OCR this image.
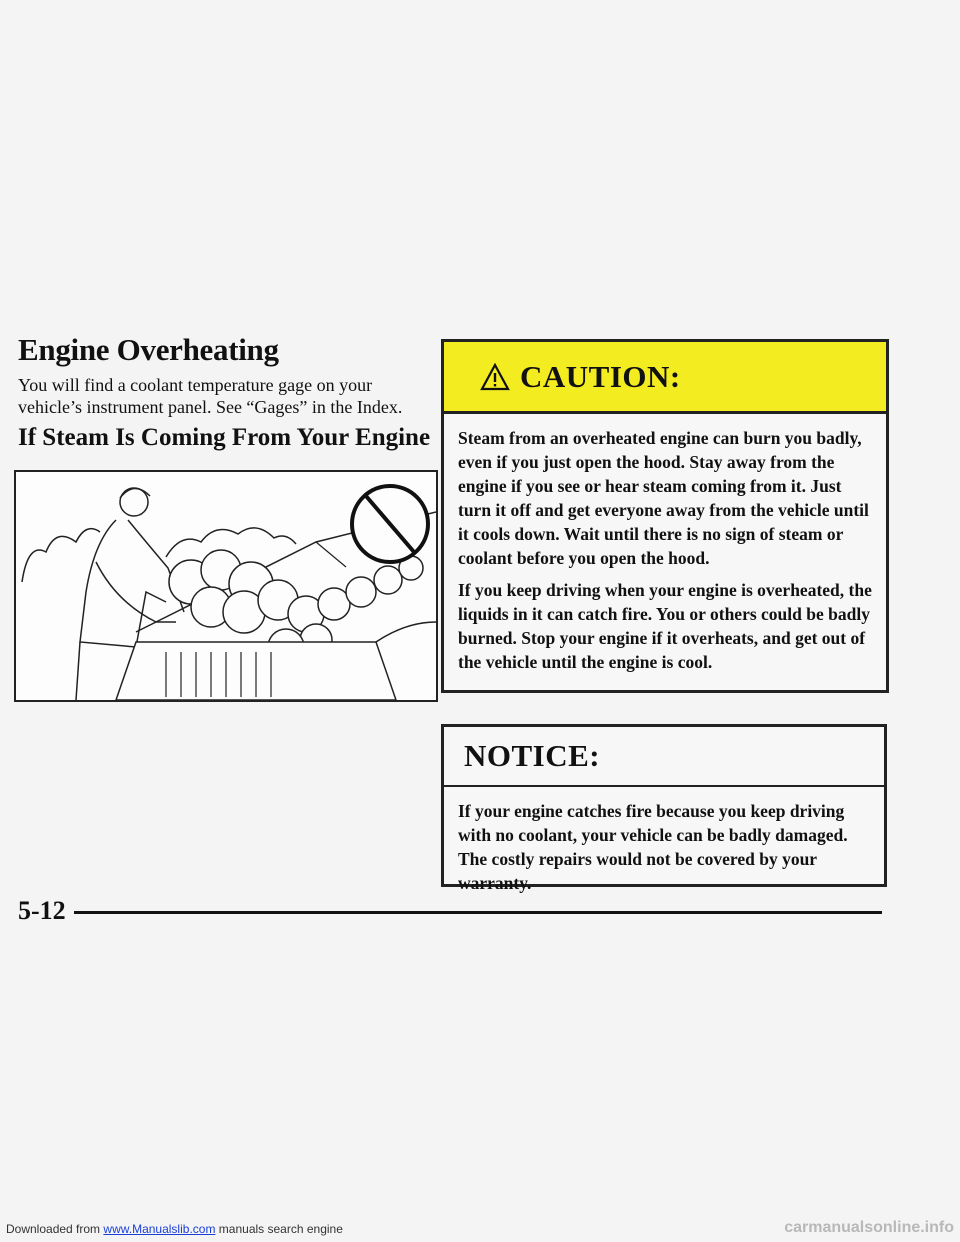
Engine Overheating

You will find a coolant temperature gage on your vehicle’s instrument panel. See “Gages” in the Index.

If Steam Is Coming From Your Engine
CAUTION:

Steam from an overheated engine can burn you badly, even if you just open the hood. Stay away from the engine if you see or hear steam coming from it. Just turn it off and get everyone away from the vehicle until it cools down. Wait until there is no sign of steam or coolant before you open the hood.

If you keep driving when your engine is overheated, the liquids in it can catch fire. You or others could be badly burned. Stop your engine if it overheats, and get out of the vehicle until the engine is cool.

NOTICE:

If your engine catches fire because you keep driving with no coolant, your vehicle can be badly damaged. The costly repairs would not be covered by your warranty.

5-12
Downloaded from www.Manualslib.com manuals search engine	carmanualsonline.info
